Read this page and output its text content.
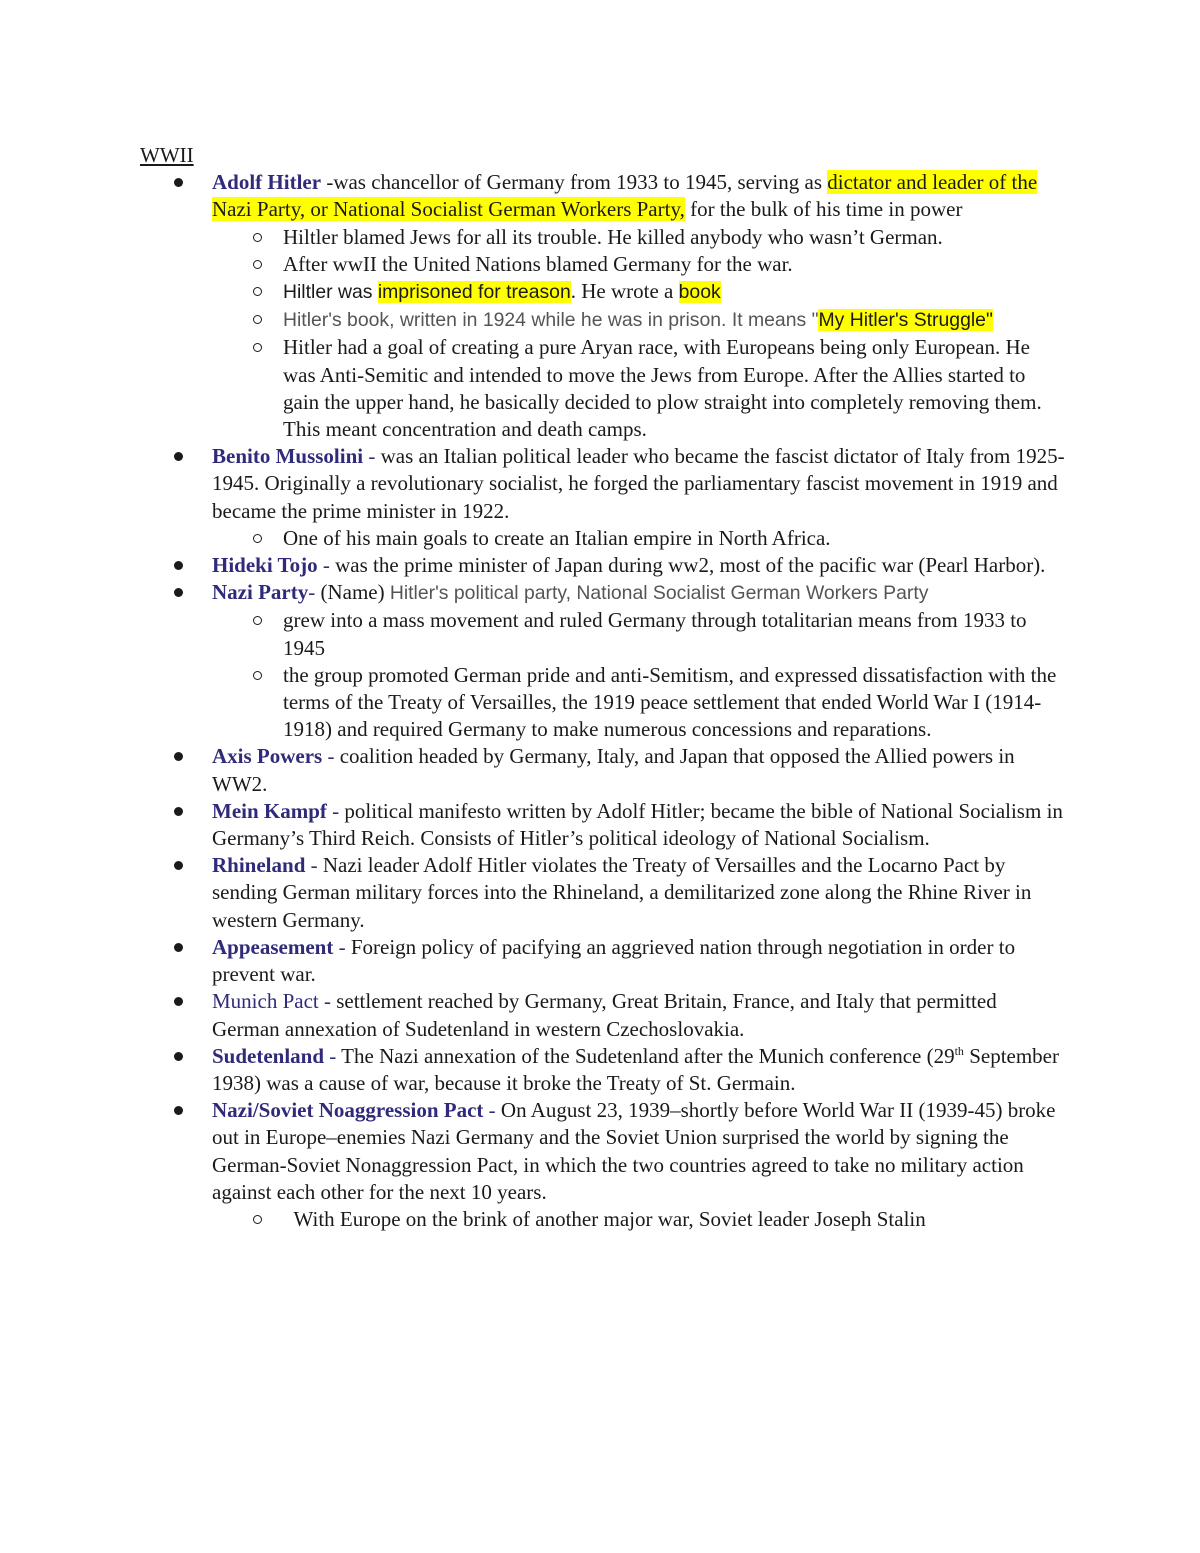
WWII
Adolf Hitler -was chancellor of Germany from 1933 to 1945, serving as dictator and leader of the Nazi Party, or National Socialist German Workers Party, for the bulk of his time in power
Hiltler blamed Jews for all its trouble. He killed anybody who wasn’t German.
After wwII the United Nations blamed Germany for the war.
Hiltler was imprisoned for treason. He wrote a book
Hitler's book, written in 1924 while he was in prison. It means "My Hitler's Struggle"
Hitler had a goal of creating a pure Aryan race, with Europeans being only European. He was Anti-Semitic and intended to move the Jews from Europe. After the Allies started to gain the upper hand, he basically decided to plow straight into completely removing them. This meant concentration and death camps.
Benito Mussolini - was an Italian political leader who became the fascist dictator of Italy from 1925- 1945. Originally a revolutionary socialist, he forged the parliamentary fascist movement in 1919 and became the prime minister in 1922.
One of his main goals to create an Italian empire in North Africa.
Hideki Tojo - was the prime minister of Japan during ww2, most of the pacific war (Pearl Harbor).
Nazi Party- (Name) Hitler's political party, National Socialist German Workers Party
grew into a mass movement and ruled Germany through totalitarian means from 1933 to 1945
the group promoted German pride and anti-Semitism, and expressed dissatisfaction with the terms of the Treaty of Versailles, the 1919 peace settlement that ended World War I (1914-1918) and required Germany to make numerous concessions and reparations.
Axis Powers - coalition headed by Germany, Italy, and Japan that opposed the Allied powers in WW2.
Mein Kampf - political manifesto written by Adolf Hitler; became the bible of National Socialism in Germany’s Third Reich. Consists of Hitler’s political ideology of National Socialism.
Rhineland - Nazi leader Adolf Hitler violates the Treaty of Versailles and the Locarno Pact by sending German military forces into the Rhineland, a demilitarized zone along the Rhine River in western Germany.
Appeasement - Foreign policy of pacifying an aggrieved nation through negotiation in order to prevent war.
Munich Pact - settlement reached by Germany, Great Britain, France, and Italy that permitted German annexation of Sudetenland in western Czechoslovakia.
Sudetenland - The Nazi annexation of the Sudetenland after the Munich conference (29th September 1938) was a cause of war, because it broke the Treaty of St. Germain.
Nazi/Soviet Noaggression Pact - On August 23, 1939–shortly before World War II (1939-45) broke out in Europe–enemies Nazi Germany and the Soviet Union surprised the world by signing the German-Soviet Nonaggression Pact, in which the two countries agreed to take no military action against each other for the next 10 years.
With Europe on the brink of another major war, Soviet leader Joseph Stalin
